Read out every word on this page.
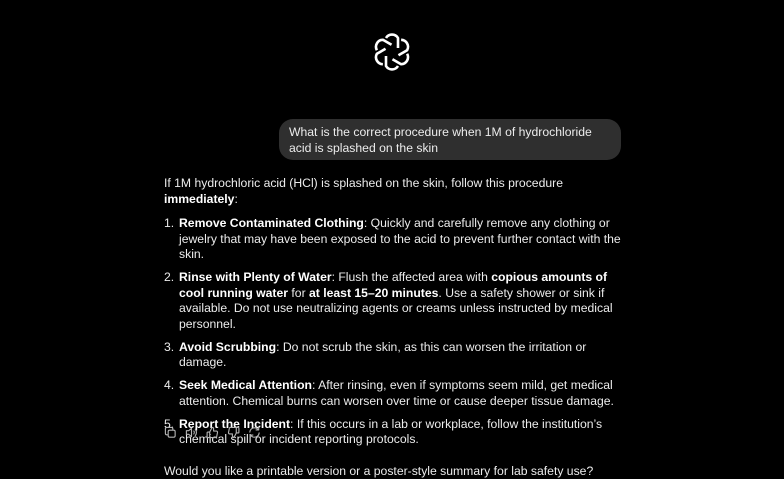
What is the correct procedure when 1M of hydrochloride acid is splashed on the skin

If 1M hydrochloric acid (HCl) is splashed on the skin, follow this procedure immediately:

1. Remove Contaminated Clothing: Quickly and carefully remove any clothing or jewelry that may have been exposed to the acid to prevent further contact with the skin.
2. Rinse with Plenty of Water: Flush the affected area with copious amounts of cool running water for at least 15–20 minutes. Use a safety shower or sink if available. Do not use neutralizing agents or creams unless instructed by medical personnel.
3. Avoid Scrubbing: Do not scrub the skin, as this can worsen the irritation or damage.
4. Seek Medical Attention: After rinsing, even if symptoms seem mild, get medical attention. Chemical burns can worsen over time or cause deeper tissue damage.
5. Report the Incident: If this occurs in a lab or workplace, follow the institution’s chemical spill or incident reporting protocols.

Would you like a printable version or a poster-style summary for lab safety use?
